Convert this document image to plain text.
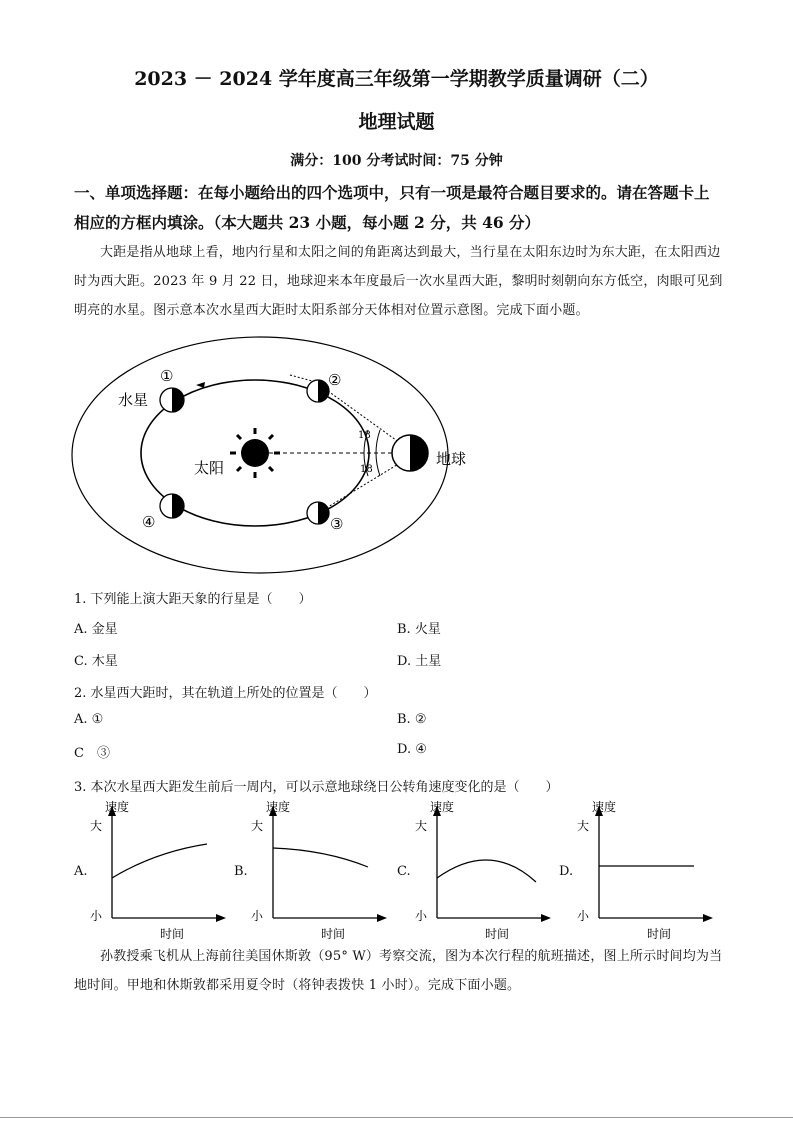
2023 － 2024 学年度高三年级第一学期教学质量调研（二）
地理试题
满分：100 分考试时间：75 分钟
一、单项选择题：在每小题给出的四个选项中，只有一项是最符合题目要求的。请在答题卡上相应的方框内填涂。（本大题共 23 小题，每小题 2 分，共 46 分）
大距是指从地球上看，地内行星和太阳之间的角距离达到最大，当行星在太阳东边时为东大距，在太阳西边时为西大距。2023 年 9 月 22 日，地球迎来本年度最后一次水星西大距，黎明时刻朝向东方低空，肉眼可见到明亮的水星。图示意本次水星西大距时太阳系部分天体相对位置示意图。完成下面小题。
18
18
太阳	地球
水星
①	②
③
④
1. 下列能上演大距天象的行星是（　　）
A. 金星	B. 火星
C. 木星	D. 土星
2. 水星西大距时，其在轨道上所处的位置是（　　）
A. ①	B. ②
C　③	D. ④
3. 本次水星西大距发生前后一周内，可以示意地球绕日公转角速度变化的是（　　）
A.
速度
大
小
时间
B.
速度
大
小
时间
C.
速度
大
小
时间
D.
速度
大
小
时间
孙教授乘飞机从上海前往美国休斯敦（95° W）考察交流，图为本次行程的航班描述，图上所示时间均为当地时间。甲地和休斯敦都采用夏令时（将钟表拨快 1 小时）。完成下面小题。
